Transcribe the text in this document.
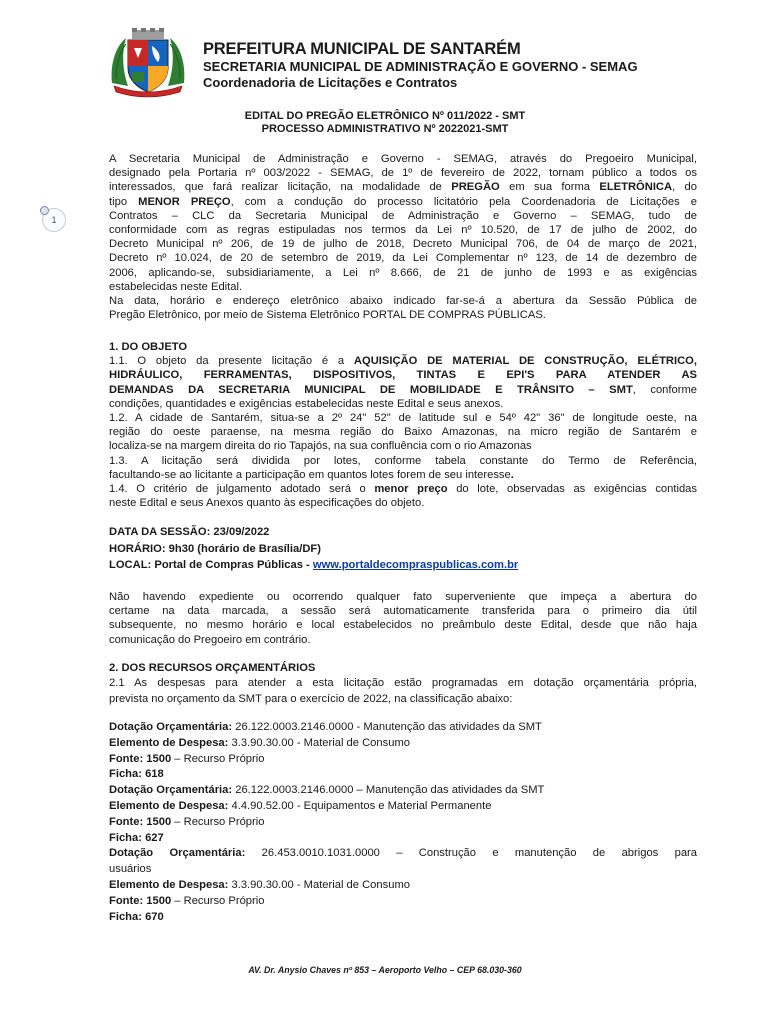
PREFEITURA MUNICIPAL DE SANTARÉM
SECRETARIA MUNICIPAL DE ADMINISTRAÇÃO E GOVERNO - SEMAG
Coordenadoria de Licitações e Contratos
EDITAL DO PREGÃO ELETRÔNICO Nº 011/2022 - SMT
PROCESSO ADMINISTRATIVO Nº 2022021-SMT
1
A Secretaria Municipal de Administração e Governo - SEMAG, através do Pregoeiro Municipal,
designado pela Portaria nº 003/2022 - SEMAG, de 1º de fevereiro de 2022, tornam público a todos os
interessados, que fará realizar licitação, na modalidade de PREGÃO em sua forma ELETRÔNICA, do
tipo MENOR PREÇO, com a condução do processo licitatório pela Coordenadoria de Licitações e
Contratos – CLC da Secretaria Municipal de Administração e Governo – SEMAG, tudo de
conformidade com as regras estipuladas nos termos da Lei nº 10.520, de 17 de julho de 2002, do
Decreto Municipal nº 206, de 19 de julho de 2018, Decreto Municipal 706, de 04 de março de 2021,
Decreto nº 10.024, de 20 de setembro de 2019, da Lei Complementar nº 123, de 14 de dezembro de
2006, aplicando-se, subsidiariamente, a Lei nº 8.666, de 21 de junho de 1993 e as exigências
estabelecidas neste Edital.
Na data, horário e endereço eletrônico abaixo indicado far-se-á a abertura da Sessão Pública de
Pregão Eletrônico, por meio de Sistema Eletrônico PORTAL DE COMPRAS PÚBLICAS.
1. DO OBJETO
1.1. O objeto da presente licitação é a AQUISIÇÃO DE MATERIAL DE CONSTRUÇÃO, ELÉTRICO,
HIDRÁULICO, FERRAMENTAS, DISPOSITIVOS, TINTAS E EPI'S PARA ATENDER AS
DEMANDAS DA SECRETARIA MUNICIPAL DE MOBILIDADE E TRÂNSITO – SMT, conforme
condições, quantidades e exigências estabelecidas neste Edital e seus anexos.
1.2. A cidade de Santarém, situa-se a 2º 24" 52" de latitude sul e 54º 42" 36" de longitude oeste, na
região do oeste paraense, na mesma região do Baixo Amazonas, na micro região de Santarém e
localiza-se na margem direita do rio Tapajós, na sua confluência com o rio Amazonas
1.3. A licitação será dividida por lotes, conforme tabela constante do Termo de Referência,
facultando-se ao licitante a participação em quantos lotes forem de seu interesse.
1.4. O critério de julgamento adotado será o menor preço do lote, observadas as exigências contidas
neste Edital e seus Anexos quanto às especificações do objeto.
DATA DA SESSÃO: 23/09/2022
HORÁRIO: 9h30 (horário de Brasília/DF)
LOCAL: Portal de Compras Públicas - www.portaldecompraspublicas.com.br
Não havendo expediente ou ocorrendo qualquer fato superveniente que impeça a abertura do
certame na data marcada, a sessão será automaticamente transferida para o primeiro dia útil
subsequente, no mesmo horário e local estabelecidos no preâmbulo deste Edital, desde que não haja
comunicação do Pregoeiro em contrário.
2. DOS RECURSOS ORÇAMENTÁRIOS
2.1 As despesas para atender a esta licitação estão programadas em dotação orçamentária própria,
prevista no orçamento da SMT para o exercício de 2022, na classificação abaixo:
Dotação Orçamentária: 26.122.0003.2146.0000 - Manutenção das atividades da SMT
Elemento de Despesa: 3.3.90.30.00 - Material de Consumo
Fonte: 1500 – Recurso Próprio
Ficha: 618
Dotação Orçamentária: 26.122.0003.2146.0000 – Manutenção das atividades da SMT
Elemento de Despesa: 4.4.90.52.00 - Equipamentos e Material Permanente
Fonte: 1500 – Recurso Próprio
Ficha: 627
Dotação Orçamentária: 26.453.0010.1031.0000 – Construção e manutenção de abrigos para
usuários
Elemento de Despesa: 3.3.90.30.00 - Material de Consumo
Fonte: 1500 – Recurso Próprio
Ficha: 670
AV. Dr. Anysio Chaves nº 853 – Aeroporto Velho – CEP 68.030-360
